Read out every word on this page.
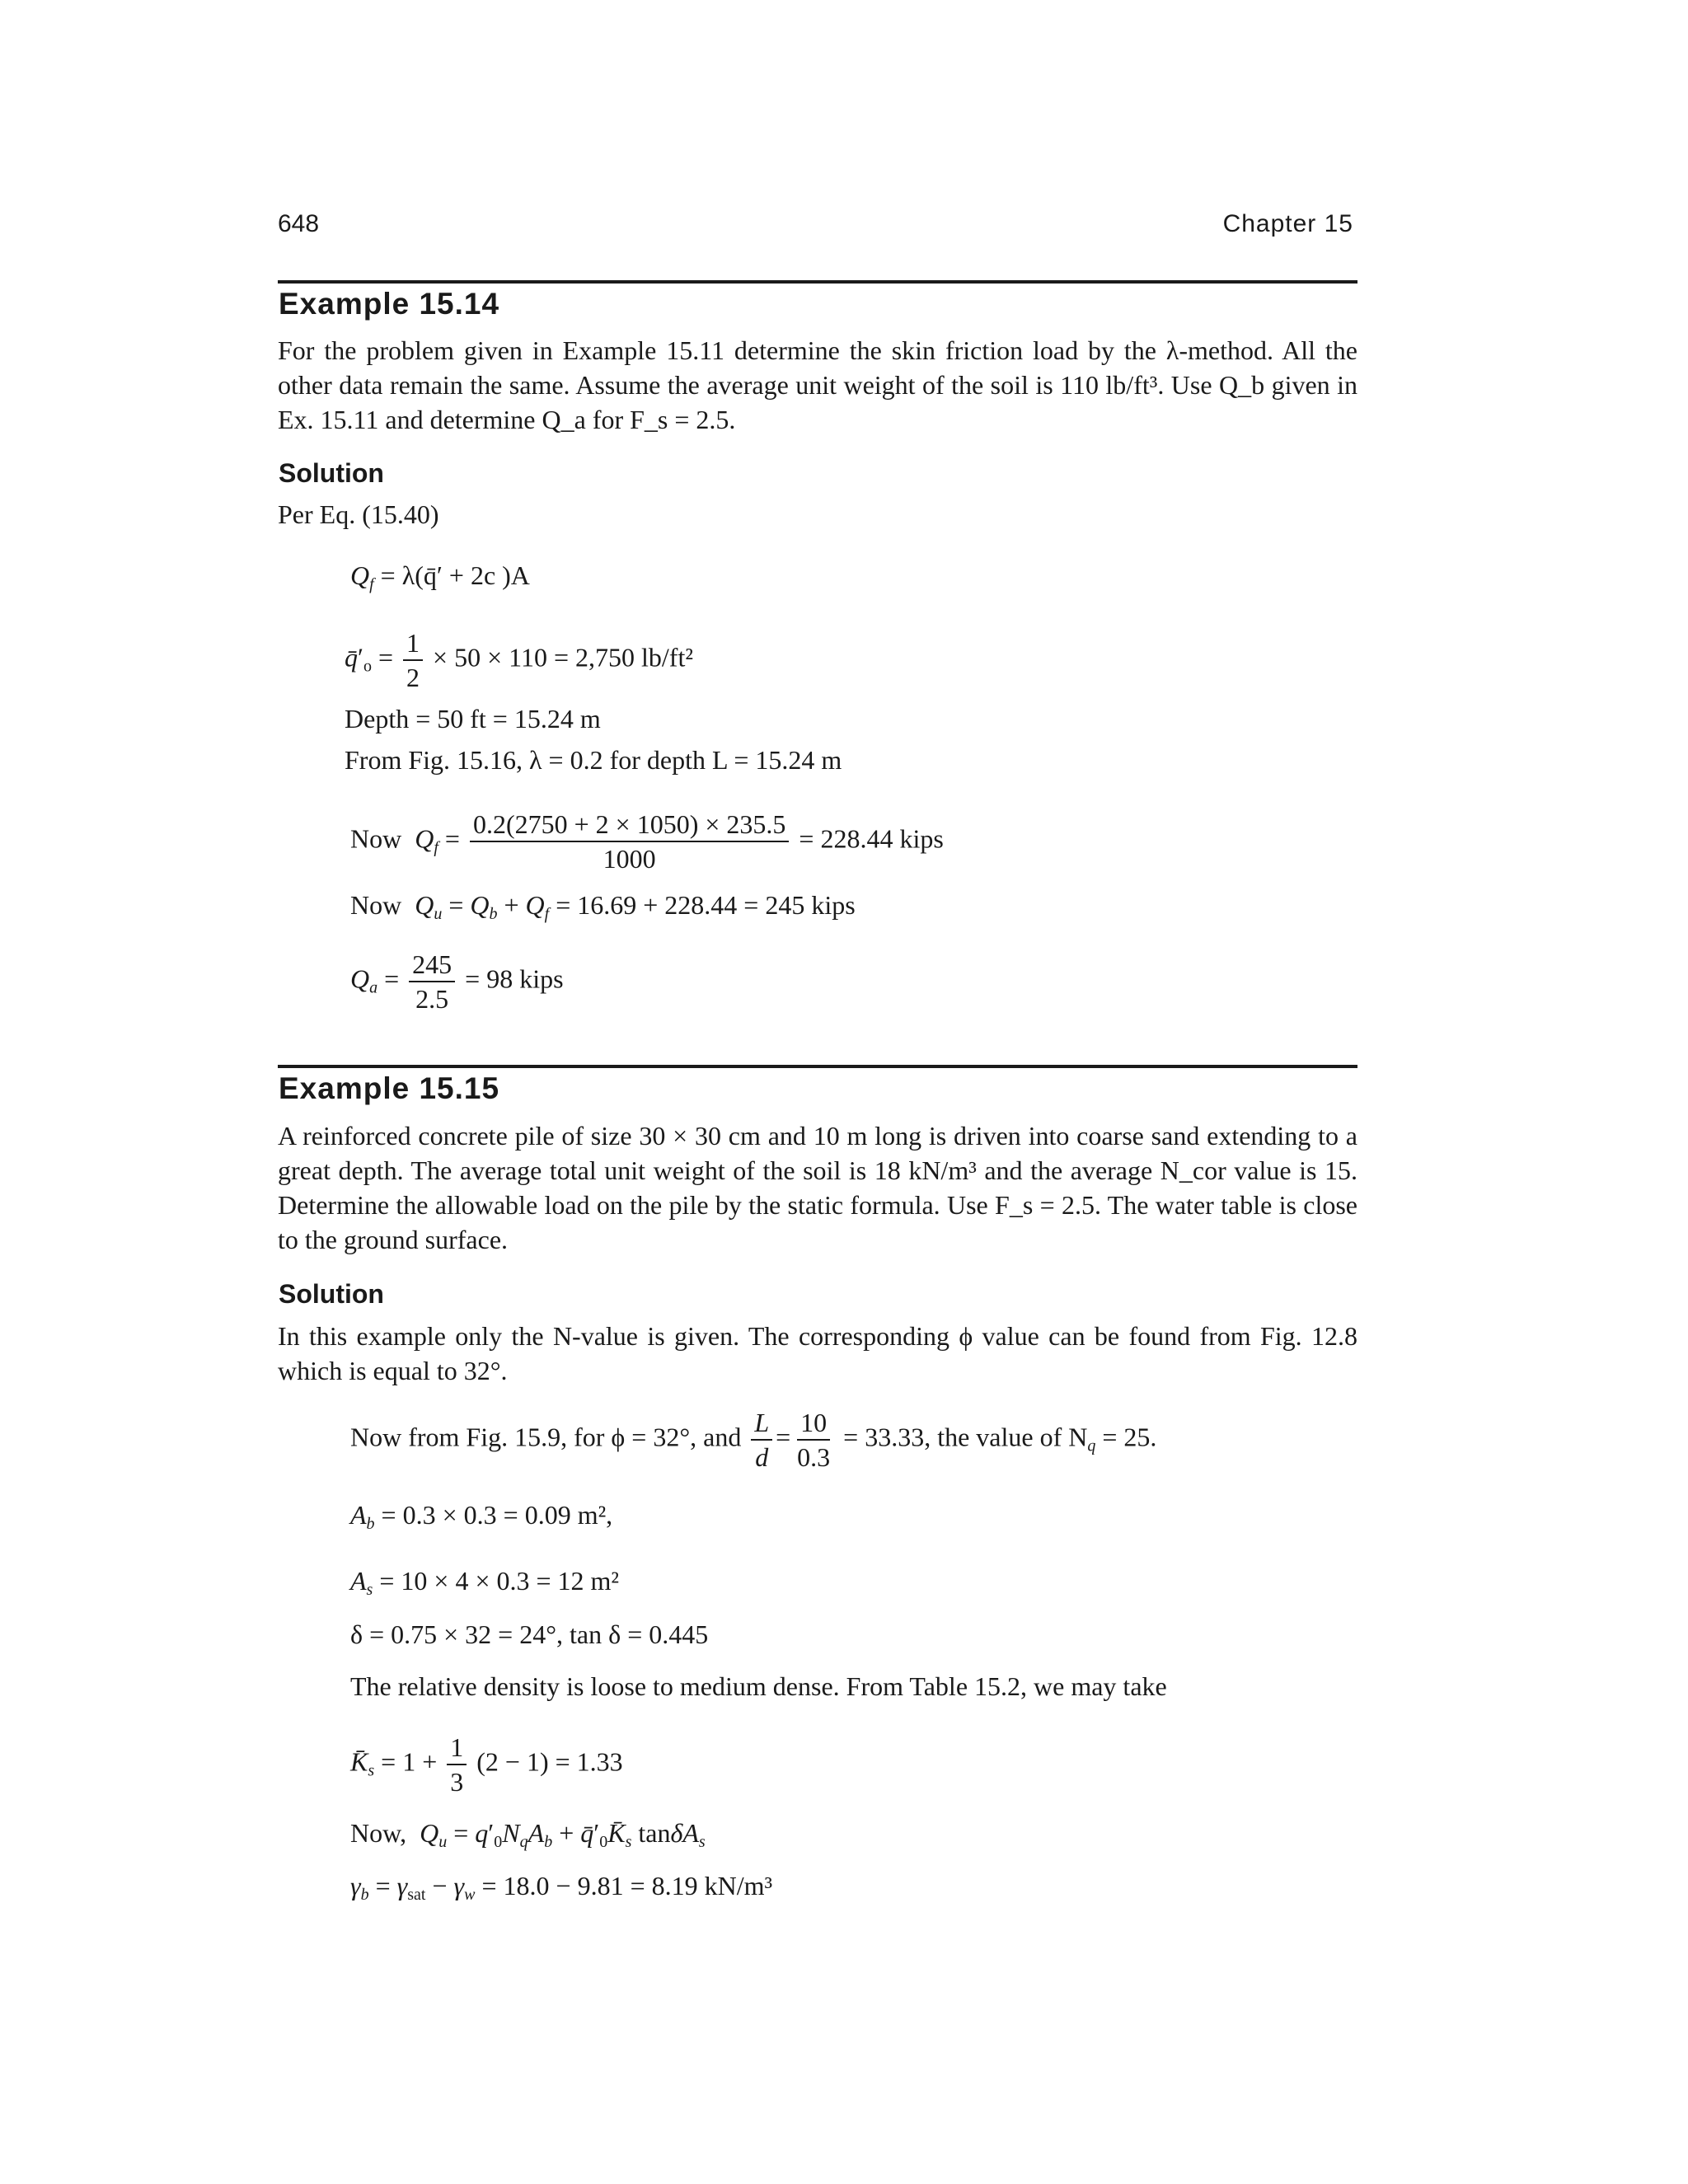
648	Chapter 15
Example 15.14

For the problem given in Example 15.11 determine the skin friction load by the λ-method. All the other data remain the same. Assume the average unit weight of the soil is 110 lb/ft³. Use Q_b given in Ex. 15.11 and determine Q_a for F_s = 2.5.

Solution
Per Eq. (15.40)
$Q_f$ = λ(q̄′ + 2c )A
$q̄'_o = \frac{1}{2} \times 50 \times 110 = 2,750$ lb/ft²
Depth = 50 ft = 15.24 m
From Fig. 15.16, λ = 0.2 for depth L = 15.24 m
Now $Q_f = \frac{0.2(2750 + 2 \times 1050) \times 235.5}{1000} = 228.44$ kips
Now $Q_u = Q_b + Q_f = 16.69 + 228.44 = 245$ kips
$Q_a = \frac{245}{2.5} = 98$ kips
Example 15.15

A reinforced concrete pile of size 30 × 30 cm and 10 m long is driven into coarse sand extending to a great depth. The average total unit weight of the soil is 18 kN/m³ and the average N_cor value is 15. Determine the allowable load on the pile by the static formula. Use F_s = 2.5. The water table is close to the ground surface.

Solution

In this example only the N-value is given. The corresponding ϕ value can be found from Fig. 12.8 which is equal to 32°.

Now from Fig. 15.9, for ϕ = 32°, and $\frac{L}{d} = \frac{10}{0.3} = 33.33$, the value of $N_q = 25$.
$A_b = 0.3 \times 0.3 = 0.09$ m²,
$A_s = 10 \times 4 \times 0.3 = 12$ m²
δ = 0.75 × 32 = 24°, tan δ = 0.445
The relative density is loose to medium dense. From Table 15.2, we may take
$K̄_s = 1 + \frac{1}{3} (2 - 1) = 1.33$
Now, $Q_u = q'_0N_qA_b$ + $q̄'_0K̄_s$ tanδA$_s$
$\gamma_b = \gamma_{sat} - \gamma_w = 18.0 - 9.81 = 8.19$ kN/m³
